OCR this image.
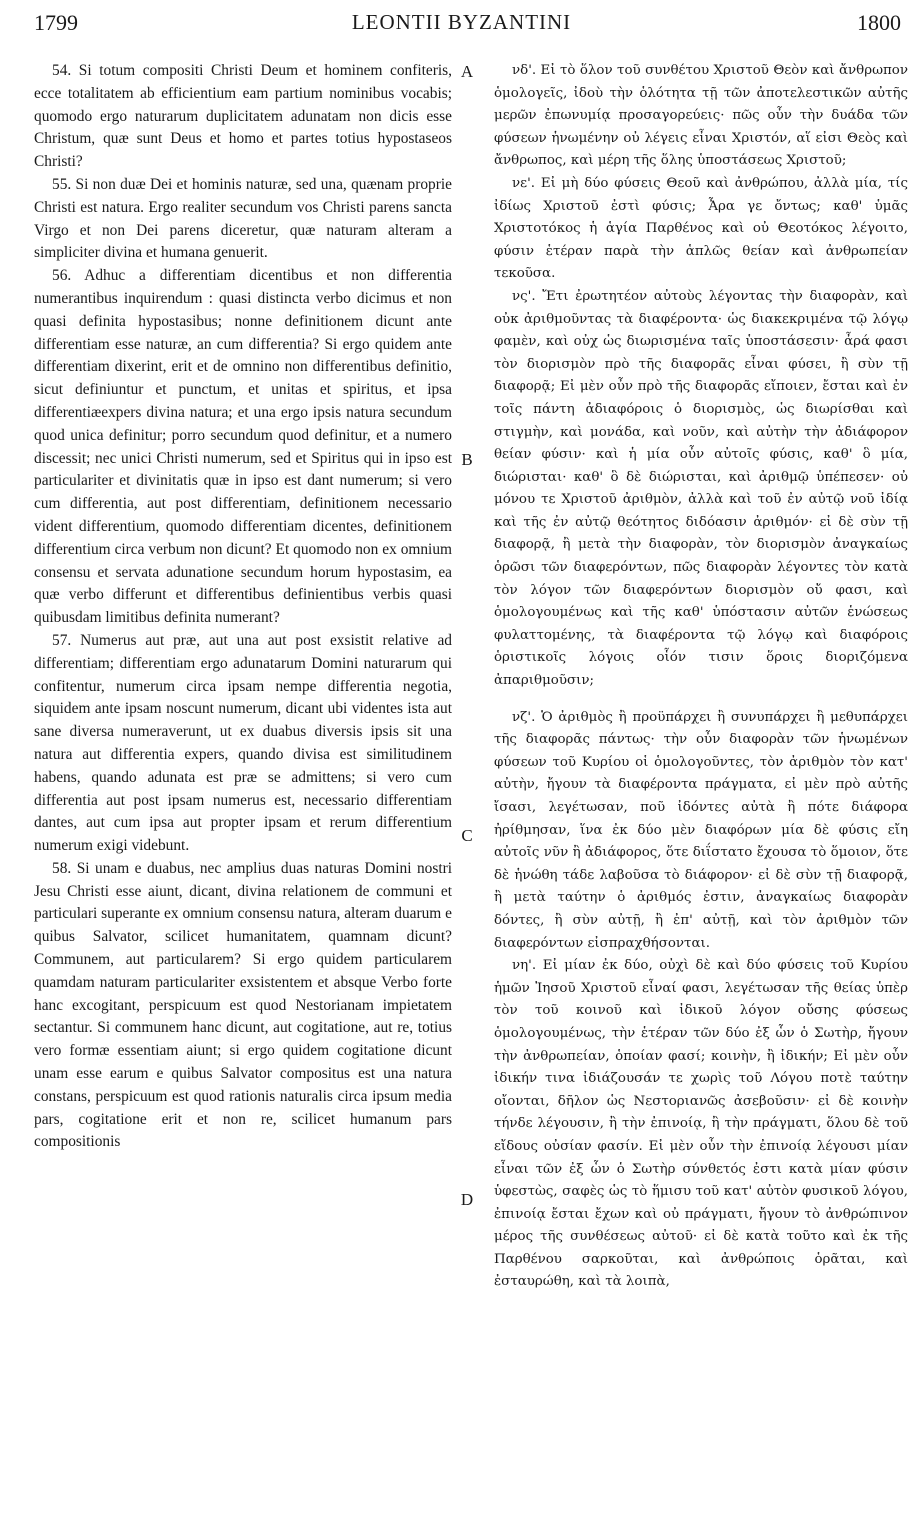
1799	LEONTII BYZANTINI	1800

54. Si totum compositi Christi Deum et hominem confiteris, ecce totalitatem ab efficientium eam partium nominibus vocabis; quomodo ergo naturarum duplicitatem adunatam non dicis esse Christum, quæ sunt Deus et homo et partes totius hypostaseos Christi?

55. Si non duæ Dei et hominis naturæ, sed una, quænam proprie Christi est natura. Ergo realiter secundum vos Christi parens sancta Virgo et non Dei parens diceretur, quæ naturam alteram a simpliciter divina et humana genuerit.

56. Adhuc a differentiam dicentibus et non differentia numerantibus inquirendum : quasi distincta verbo dicimus et non quasi definita hypostasibus; nonne definitionem dicunt ante differentiam esse naturæ, an cum differentia? Si ergo quidem ante differentiam dixerint, erit et de omnino non differentibus definitio, sicut definiuntur et punctum, et unitas et spiritus, et ipsa differentiæexpers divina natura; et una ergo ipsis natura secundum quod unica definitur; porro secundum quod definitur, et a numero discessit; nec unici Christi numerum, sed et Spiritus qui in ipso est particulariter et divinitatis quæ in ipso est dant numerum; si vero cum differentia, aut post differentiam, definitionem necessario vident differentium, quomodo differentiam dicentes, definitionem differentium circa verbum non dicunt? Et quomodo non ex omnium consensu et servata adunatione secundum horum hypostasim, ea quæ verbo differunt et differentibus definientibus verbis quasi quibusdam limitibus definita numerant?

57. Numerus aut præ, aut una aut post exsistit relative ad differentiam; differentiam ergo adunatarum Domini naturarum qui confitentur, numerum circa ipsam nempe differentia negotia, siquidem ante ipsam noscunt numerum, dicant ubi videntes ista aut sane diversa numeraverunt, ut ex duabus diversis ipsis sit una natura aut differentia expers, quando divisa est similitudinem habens, quando adunata est præ se admittens; si vero cum differentia aut post ipsam numerus est, necessario differentiam dantes, aut cum ipsa aut propter ipsam et rerum differentium numerum exigi videbunt.

58. Si unam e duabus, nec amplius duas naturas Domini nostri Jesu Christi esse aiunt, dicant, divina relationem de communi et particulari superante ex omnium consensu natura, alteram duarum e quibus Salvator, scilicet humanitatem, quamnam dicunt? Communem, aut particularem? Si ergo quidem particularem quamdam naturam particulariter exsistentem et absque Verbo forte hanc excogitant, perspicuum est quod Nestorianam impietatem sectantur. Si communem hanc dicunt, aut cogitatione, aut re, totius vero formæ essentiam aiunt; si ergo quidem cogitatione dicunt unam esse earum e quibus Salvator compositus est una natura constans, perspicuum est quod rationis naturalis circa ipsum media pars, cogitatione erit et non re, scilicet humanum pars compositionis

A
B
C
D

νδ'. Εἰ τὸ ὅλον τοῦ συνθέτου Χριστοῦ Θεὸν καὶ ἄνθρωπον ὁμολογεῖς, ἰδοὺ τὴν ὁλότητα τῇ τῶν ἀποτελεστικῶν αὐτῆς μερῶν ἐπωνυμίᾳ προσαγορεύεις· πῶς οὖν τὴν δυάδα τῶν φύσεων ἡνωμένην οὐ λέγεις εἶναι Χριστόν, αἵ εἰσι Θεὸς καὶ ἄνθρωπος, καὶ μέρη τῆς ὅλης ὑποστάσεως Χριστοῦ;

νε'. Εἰ μὴ δύο φύσεις Θεοῦ καὶ ἀνθρώπου, ἀλλὰ μία, τίς ἰδίως Χριστοῦ ἐστὶ φύσις; Ἆρα γε ὄντως; καθ' ὑμᾶς Χριστοτόκος ἡ ἁγία Παρθένος καὶ οὐ Θεοτόκος λέγοιτο, φύσιν ἑτέραν παρὰ τὴν ἁπλῶς θείαν καὶ ἀνθρωπείαν τεκοῦσα.

νς'. Ἔτι ἐρωτητέον αὐτοὺς λέγοντας τὴν διαφορὰν, καὶ οὐκ ἀριθμοῦντας τὰ διαφέροντα· ὡς διακεκριμένα τῷ λόγῳ φαμὲν, καὶ οὐχ ὡς διωρισμένα ταῖς ὑποστάσεσιν· ἆρά φασι τὸν διορισμὸν πρὸ τῆς διαφορᾶς εἶναι φύσει, ἢ σὺν τῇ διαφορᾷ; Εἰ μὲν οὖν πρὸ τῆς διαφορᾶς εἴποιεν, ἔσται καὶ ἐν τοῖς πάντη ἀδιαφόροις ὁ διορισμὸς, ὡς διωρίσθαι καὶ στιγμὴν, καὶ μονάδα, καὶ νοῦν, καὶ αὐτὴν τὴν ἀδιάφορον θείαν φύσιν· καὶ ἡ μία οὖν αὐτοῖς φύσις, καθ' ὃ μία, διώρισται· καθ' ὃ δὲ διώρισται, καὶ ἀριθμῷ ὑπέπεσεν· οὐ μόνου τε Χριστοῦ ἀριθμὸν, ἀλλὰ καὶ τοῦ ἐν αὐτῷ νοῦ ἰδίᾳ καὶ τῆς ἐν αὐτῷ θεότητος διδόασιν ἀριθμόν· εἰ δὲ σὺν τῇ διαφορᾷ, ἢ μετὰ τὴν διαφορὰν, τὸν διορισμὸν ἀναγκαίως ὁρῶσι τῶν διαφερόντων, πῶς διαφορὰν λέγοντες τὸν κατὰ τὸν λόγον τῶν διαφερόντων διορισμὸν οὔ φασι, καὶ ὁμολογουμένως καὶ τῆς καθ' ὑπόστασιν αὐτῶν ἑνώσεως φυλαττομένης, τὰ διαφέροντα τῷ λόγῳ καὶ διαφόροις ὁριστικοῖς λόγοις οἷόν τισιν ὅροις διοριζόμενα ἀπαριθμοῦσιν;

νζ'. Ὁ ἀριθμὸς ἢ προϋπάρχει ἢ συνυπάρχει ἢ μεθυπάρχει τῆς διαφορᾶς πάντως· τὴν οὖν διαφορὰν τῶν ἡνωμένων φύσεων τοῦ Κυρίου οἱ ὁμολογοῦντες, τὸν ἀριθμὸν τὸν κατ' αὐτὴν, ἤγουν τὰ διαφέροντα πράγματα, εἰ μὲν πρὸ αὐτῆς ἴσασι, λεγέτωσαν, ποῦ ἰδόντες αὐτὰ ἢ πότε διάφορα ἠρίθμησαν, ἵνα ἐκ δύο μὲν διαφόρων μία δὲ φύσις εἴη αὐτοῖς νῦν ἢ ἀδιάφορος, ὅτε διΐστατο ἔχουσα τὸ ὅμοιον, ὅτε δὲ ἡνώθη τάδε λαβοῦσα τὸ διάφορον· εἰ δὲ σὺν τῇ διαφορᾷ, ἢ μετὰ ταύτην ὁ ἀριθμός ἐστιν, ἀναγκαίως διαφορὰν δόντες, ἢ σὺν αὐτῇ, ἢ ἐπ' αὐτῇ, καὶ τὸν ἀριθμὸν τῶν διαφερόντων εἰσπραχθήσονται.

νη'. Εἰ μίαν ἐκ δύο, οὐχὶ δὲ καὶ δύο φύσεις τοῦ Κυρίου ἡμῶν Ἰησοῦ Χριστοῦ εἶναί φασι, λεγέτωσαν τῆς θείας ὑπὲρ τὸν τοῦ κοινοῦ καὶ ἰδικοῦ λόγον οὔσης φύσεως ὁμολογουμένως, τὴν ἑτέραν τῶν δύο ἐξ ὧν ὁ Σωτὴρ, ἤγουν τὴν ἀνθρωπείαν, ὁποίαν φασί; κοινὴν, ἢ ἰδικήν; Εἰ μὲν οὖν ἰδικήν τινα ἰδιάζουσάν τε χωρὶς τοῦ Λόγου ποτὲ ταύτην οἴονται, δῆλον ὡς Νεστοριανῶς ἀσεβοῦσιν· εἰ δὲ κοινὴν τήνδε λέγουσιν, ἢ τὴν ἐπινοίᾳ, ἢ τὴν πράγματι, ὅλου δὲ τοῦ εἴδους οὐσίαν φασίν. Εἰ μὲν οὖν τὴν ἐπινοίᾳ λέγουσι μίαν εἶναι τῶν ἐξ ὧν ὁ Σωτὴρ σύνθετός ἐστι κατὰ μίαν φύσιν ὑφεστὼς, σαφὲς ὡς τὸ ἥμισυ τοῦ κατ' αὐτὸν φυσικοῦ λόγου, ἐπινοίᾳ ἔσται ἔχων καὶ οὐ πράγματι, ἤγουν τὸ ἀνθρώπινον μέρος τῆς συνθέσεως αὐτοῦ· εἰ δὲ κατὰ τοῦτο καὶ ἐκ τῆς Παρθένου σαρκοῦται, καὶ ἀνθρώποις ὁρᾶται, καὶ ἐσταυρώθη, καὶ τὰ λοιπὰ,
